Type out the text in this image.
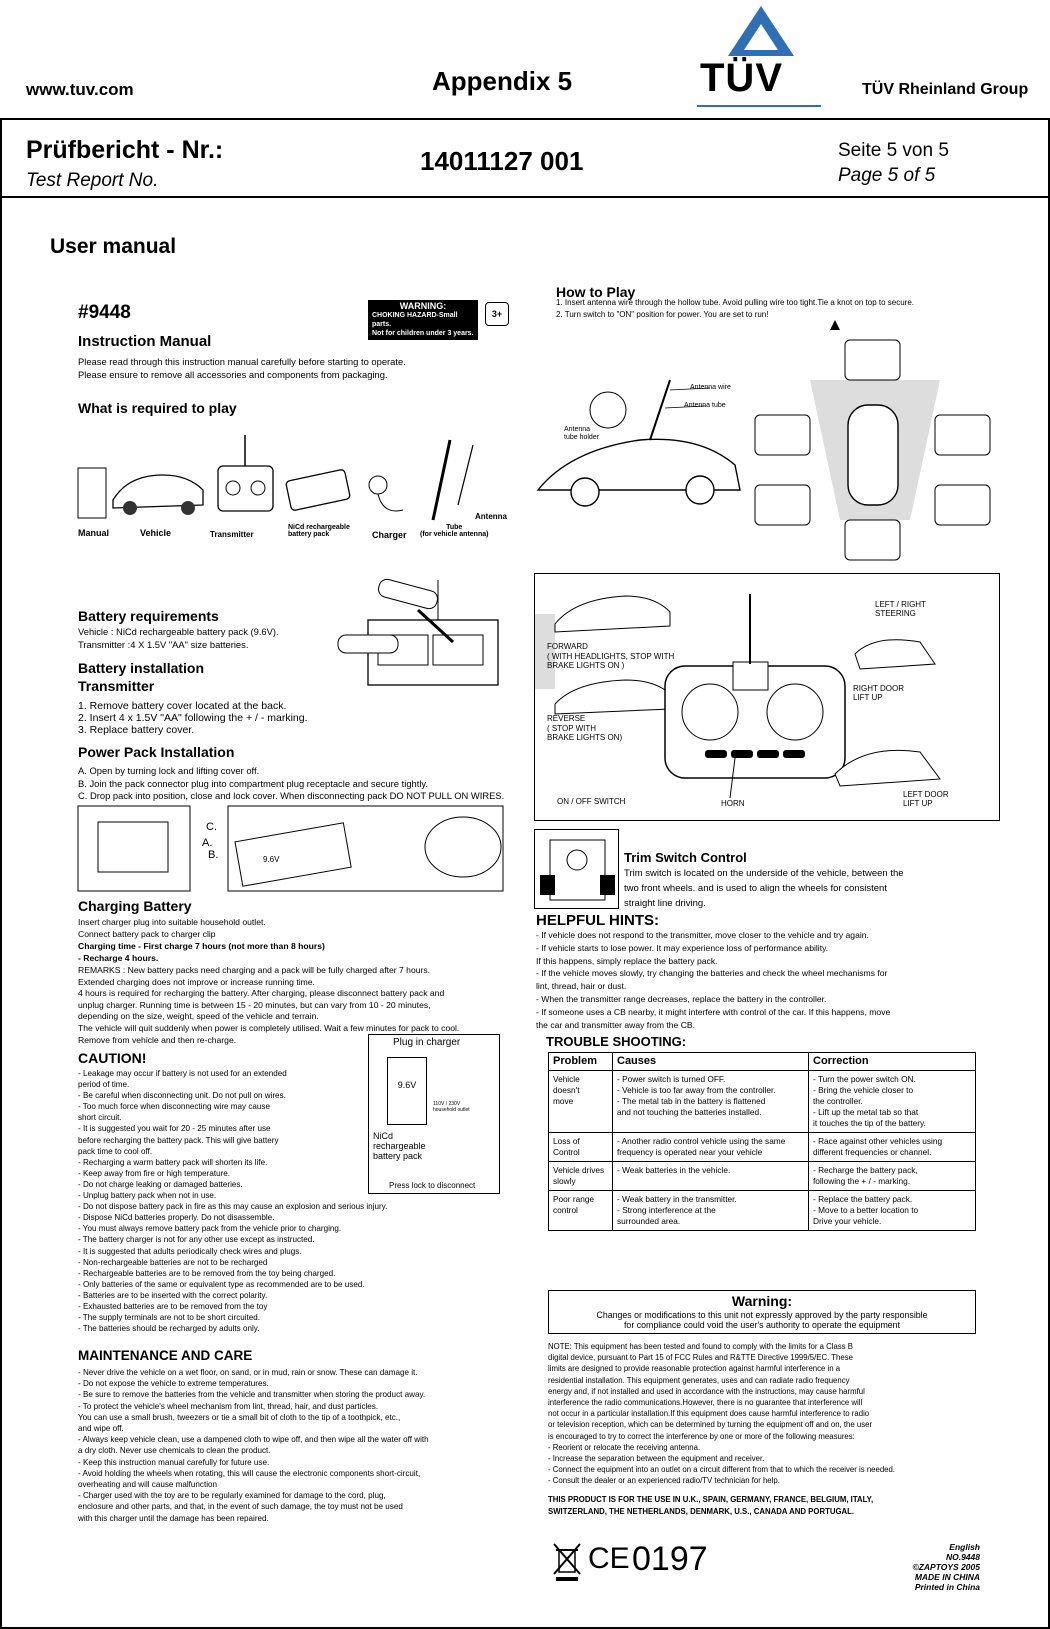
www.tuv.com	Appendix 5	TÜV	TÜV Rheinland Group
Prüfbericht - Nr.:
Test Report No.
14011127 001	Seite 5 von 5
Page 5 of 5
User manual
#9448
Instruction Manual
WARNING:
CHOKING HAZARD-Small parts.
Not for children under 3 years.
3+
Please read through this instruction manual carefully before starting to operate.
Please ensure to remove all accessories and components from packaging.
What is required to play
Manual	Vehicle	Transmitter
NiCd rechargeable
battery pack	Charger
Tube
(for vehicle antenna)
Antenna
Battery requirements
Vehicle : NiCd rechargeable battery pack (9.6V).
Transmitter :4 X 1.5V "AA" size batteries.
Battery installation
Transmitter
1. Remove battery cover located at the back.
2. Insert 4 x 1.5V "AA" following the + / - marking.
3. Replace battery cover.
Power Pack Installation
A. Open by turning lock and lifting cover off.
B. Join the pack connector plug into compartment plug receptacle and secure tightly.
C. Drop pack into position, close and lock cover. When disconnecting pack DO NOT PULL ON WIRES.
9.6V
C.
A.
B.
Charging Battery
Insert charger plug into suitable household outlet.
Connect battery pack to charger clip
Charging time - First charge 7 hours (not more than 8 hours)
- Recharge 4 hours.
REMARKS : New battery packs need charging and a pack will be fully charged after 7 hours.
Extended charging does not improve or increase running time.
4 hours is required for recharging the battery. After charging, please disconnect battery pack and
unplug charger. Running time is between 15 - 20 minutes, but can vary from 10 - 20 minutes,
depending on the size, weight, speed of the vehicle and terrain.
The vehicle will quit suddenly when power is completely utilised. Wait a few minutes for pack to cool.
Remove from vehicle and then re-charge.
CAUTION!
- Leakage may occur if battery is not used for an extended
period of time.
- Be careful when disconnecting unit. Do not pull on wires.
- Too much force when disconnecting wire may cause
short circuit.
- It is suggested you wait for 20 - 25 minutes after use
before recharging the battery pack. This will give battery
pack time to cool off.
- Recharging a warm battery pack will shorten its life.
- Keep away from fire or high temperature.
- Do not charge leaking or damaged batteries.
- Unplug battery pack when not in use.
- Do not dispose battery pack in fire as this may cause an explosion and serious injury.
- Dispose NiCd batteries properly. Do not disassemble.
- You must always remove battery pack from the vehicle prior to charging.
- The battery charger is not for any other use except as instructed.
- It is suggested that adults periodically check wires and plugs.
- Non-rechargeable batteries are not to be recharged
- Rechargeable batteries are to be removed from the toy being charged.
- Only batteries of the same or equivalent type as recommended are to be used.
- Batteries are to be inserted with the correct polarity.
- Exhausted batteries are to be removed from the toy
- The supply terminals are not to be short circuited.
- The batteries should be recharged by adults only.
Plug in charger
9.6V
110V / 230V
household outlet
NiCd
rechargeable
battery pack
Press lock to disconnect
MAINTENANCE AND CARE
- Never drive the vehicle on a wet floor, on sand, or in mud, rain or snow. These can damage it.
- Do not expose the vehicle to extreme temperatures.
- Be sure to remove the batteries from the vehicle and transmitter when storing the product away.
- To protect the vehicle's wheel mechanism from lint, thread, hair, and dust particles.
You can use a small brush, tweezers or tie a small bit of cloth to the tip of a toothpick, etc.,
and wipe off.
- Always keep vehicle clean, use a dampened cloth to wipe off, and then wipe all the water off with
a dry cloth. Never use chemicals to clean the product.
- Keep this instruction manual carefully for future use.
- Avoid holding the wheels when rotating, this will cause the electronic components short-circuit,
overheating and will cause malfunction
- Charger used with the toy are to be regularly examined for damage to the cord, plug,
enclosure and other parts, and that, in the event of such damage, the toy must not be used
with this charger until the damage has been repaired.
How to Play
1. Insert antenna wire through the hollow tube. Avoid pulling wire too tight.Tie a knot on top to secure.
2. Turn switch to "ON" position for power. You are set to run!
Antenna wire
Antenna tube
Antenna
tube holder
LEFT / RIGHT
STEERING
FORWARD
( WITH HEADLIGHTS, STOP WITH
BRAKE LIGHTS ON )
REVERSE
( STOP WITH
BRAKE LIGHTS ON)
RIGHT DOOR
LIFT UP
LEFT DOOR
LIFT UP
ON / OFF SWITCH	HORN
Trim Switch Control
Trim switch is located on the underside of the vehicle, between the
two front wheels. and is used to align the wheels for consistent
straight line driving.
HELPFUL HINTS:
- If vehicle does not respond to the transmitter, move closer to the vehicle and try again.
- If vehicle starts to lose power. It may experience loss of performance ability.
If this happens, simply replace the battery pack.
- If the vehicle moves slowly, try changing the batteries and check the wheel mechanisms for
lint, thread, hair or dust.
- When the transmitter range decreases, replace the battery in the controller.
- If someone uses a CB nearby, it might interfere with control of the car. If this happens, move
the car and transmitter away from the CB.
TROUBLE SHOOTING:
Problem	Causes	Correction
Vehicle
doesn't
move	- Power switch is turned OFF.
- Vehicle is too far away from the controller.
- The metal tab in the battery is flattened
and not touching the batteries installed.	- Turn the power switch ON.
- Bring the vehicle closer to
the controller.
- Lift up the metal tab so that
it touches the tip of the battery.
Loss of
Control	- Another radio control vehicle using the same
frequency is operated near your vehicle	- Race against other vehicles using
different frequencies or channel.
Vehicle drives
slowly	- Weak batteries in the vehicle.	- Recharge the battery pack,
following the + / - marking.
Poor range
control	- Weak battery in the transmitter.
- Strong interference at the
surrounded area.	- Replace the battery pack.
- Move to a better location to
Drive your vehicle.
Warning:
Changes or modifications to this unit not expressly approved by the party responsible
for compliance could void the user's authority to operate the equipment
NOTE: This equipment has been tested and found to comply with the limits for a Class B
digital device, pursuant to Part 15 of FCC Rules and R&TTE Directive 1999/5/EC. These
limits are designed to provide reasonable protection against harmful interference in a
residential installation. This equipment generates, uses and can radiate radio frequency
energy and, if not installed and used in accordance with the instructions, may cause harmful
interference the radio communications.However, there is no guarantee that interference will
not occur in a particular installation.If this equipment does cause harmful interference to radio
or television reception, which can be determined by turning the equipment off and on, the user
is encouraged to try to correct the interference by one or more of the following measures:
- Reorient or relocate the receiving antenna.
- Increase the separation between the equipment and receiver.
- Connect the equipment into an outlet on a circuit different from that to which the receiver is needed.
- Consult the dealer or an experienced radio/TV technician for help.
THIS PRODUCT IS FOR THE USE IN U.K., SPAIN, GERMANY, FRANCE, BELGIUM, ITALY,
SWITZERLAND, THE NETHERLANDS, DENMARK, U.S., CANADA AND PORTUGAL.
CE 0197	English
NO.9448
©ZAPTOYS 2005
MADE IN CHINA
Printed in China
